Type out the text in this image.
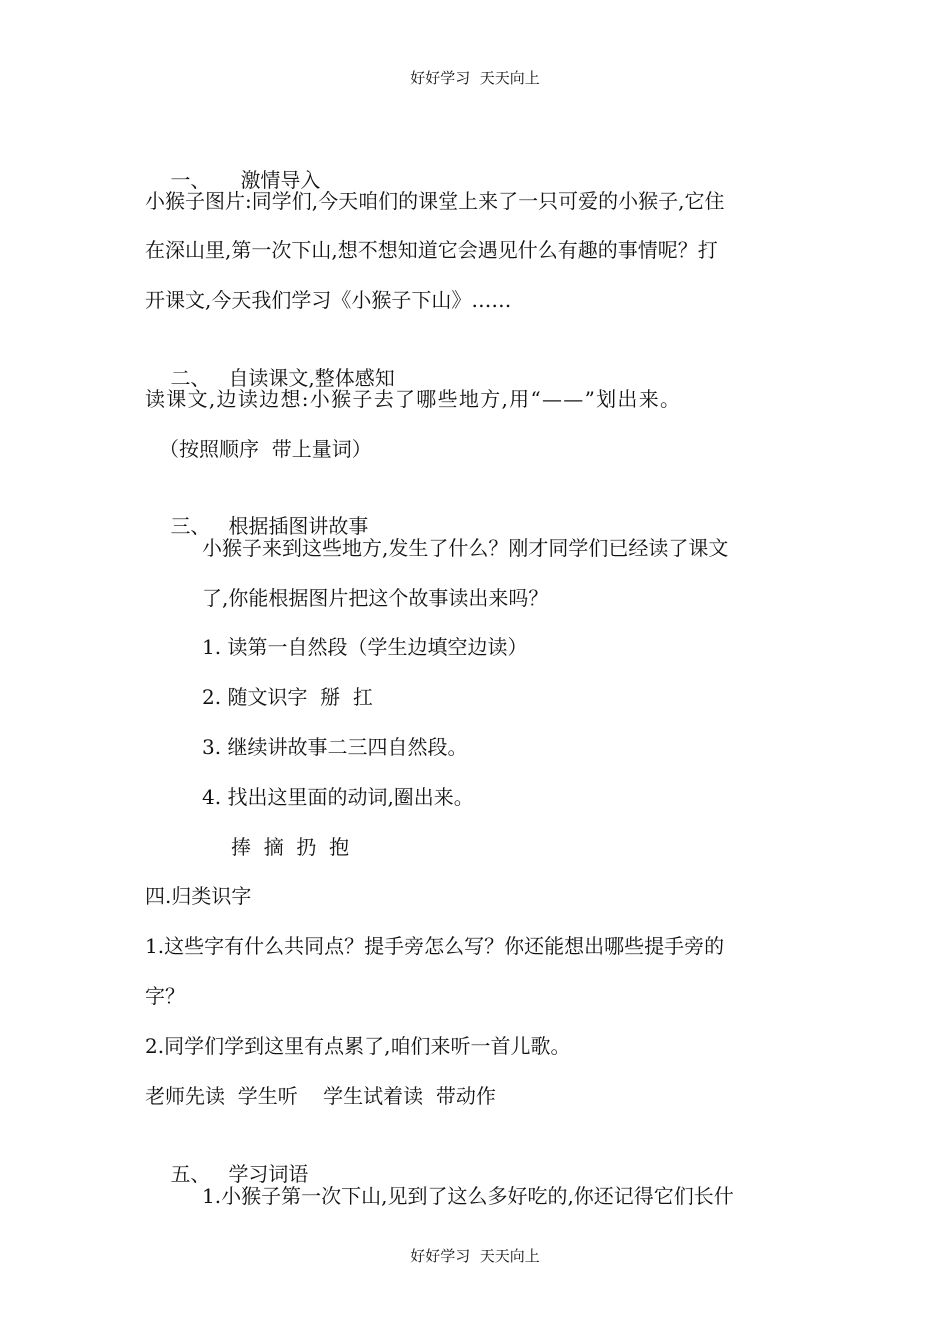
好好学习  天天向上

一、 激情导入

小猴子图片:同学们,今天咱们的课堂上来了一只可爱的小猴子,它住
在深山里,第一次下山,想不想知道它会遇见什么有趣的事情呢？打
开课文,今天我们学习《小猴子下山》……

二、 自读课文,整体感知

读课文,边读边想:小猴子去了哪些地方,用“——”划出来。
（按照顺序  带上量词）

三、 根据插图讲故事

小猴子来到这些地方,发生了什么？刚才同学们已经读了课文
了,你能根据图片把这个故事读出来吗？
1. 读第一自然段（学生边填空边读）
2. 随文识字  掰  扛
3. 继续讲故事二三四自然段。
4. 找出这里面的动词,圈出来。
捧  摘  扔  抱
四.归类识字
1.这些字有什么共同点？提手旁怎么写？你还能想出哪些提手旁的
字？
2.同学们学到这里有点累了,咱们来听一首儿歌。
老师先读  学生听    学生试着读  带动作

五、 学习词语

1.小猴子第一次下山,见到了这么多好吃的,你还记得它们长什
好好学习  天天向上
